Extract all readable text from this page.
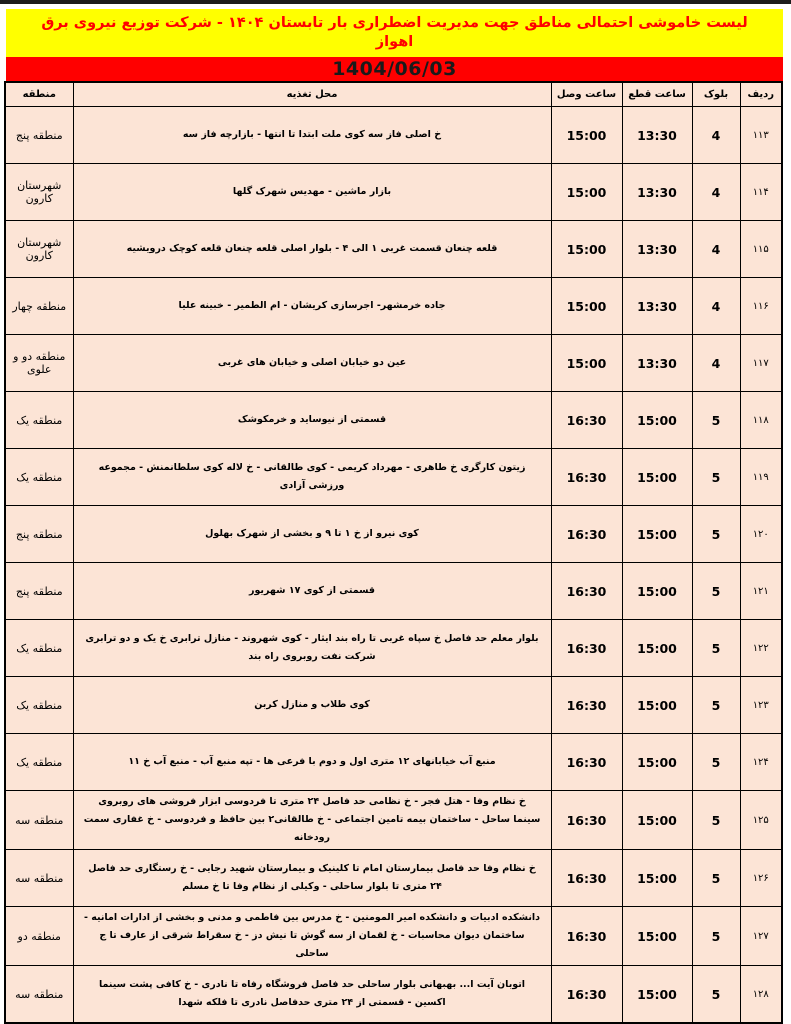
لیست خاموشی احتمالی مناطق جهت مدیریت اضطراری بار تابستان ۱۴۰۴ - شرکت توزیع نیروی برق اهواز
1404/06/03
ردیف	بلوک	ساعت قطع	ساعت وصل	محل تغذیه	منطقه
۱۱۳	4	13:30	15:00	خ اصلی فاز سه کوی ملت ابتدا تا انتها - بازارچه فاز سه	منطقه پنج
۱۱۴	4	13:30	15:00	بازار ماشین - مهدیس شهرک گلها	شهرستان کارون
۱۱۵	4	13:30	15:00	قلعه چنعان قسمت غربی ۱ الی ۴ - بلوار اصلی قلعه چنعان قلعه کوچک درویشیه	شهرستان کارون
۱۱۶	4	13:30	15:00	جاده خرمشهر- اجرسازی کریشان - ام الطمیر - خبینه علیا	منطقه چهار
۱۱۷	4	13:30	15:00	عین دو خیابان اصلی و خیابان های غربی	منطقه دو و علوی
۱۱۸	5	15:00	16:30	قسمتی از نیوساید و خرمکوشک	منطقه یک
۱۱۹	5	15:00	16:30	زیتون کارگری خ طاهری - مهرداد کریمی - کوی طالقانی - خ لاله کوی سلطانمنش - مجموعه ورزشی آزادی	منطقه یک
۱۲۰	5	15:00	16:30	کوی نیرو از خ ۱ تا ۹ و بخشی از شهرک بهلول	منطقه پنج
۱۲۱	5	15:00	16:30	قسمتی از کوی ۱۷ شهریور	منطقه پنج
۱۲۲	5	15:00	16:30	بلوار معلم حد فاصل خ سپاه غربی تا راه بند ایثار - کوی شهروند - منازل ترابری خ یک و دو ترابری شرکت نفت روبروی راه بند	منطقه یک
۱۲۳	5	15:00	16:30	کوی طلاب و منازل کربن	منطقه یک
۱۲۴	5	15:00	16:30	منبع آب خیابانهای ۱۲ متری اول و دوم با فرعی ها - تپه منبع آب - منبع آب خ ۱۱	منطقه یک
۱۲۵	5	15:00	16:30	خ نظام وفا - هتل فجر - خ نظامی حد فاصل ۲۴ متری تا فردوسی ابزار فروشی های روبروی سینما ساحل - ساختمان بیمه تامین اجتماعی - خ طالقانی۲ بین حافظ و فردوسی - خ غفاری سمت رودخانه	منطقه سه
۱۲۶	5	15:00	16:30	خ نظام وفا حد فاصل بیمارستان امام تا کلینیک و بیمارستان شهید رجایی - خ رستگاری حد فاصل ۲۴ متری تا بلوار ساحلی - وکیلی از نظام وفا تا خ مسلم	منطقه سه
۱۲۷	5	15:00	16:30	دانشکده ادبیات و دانشکده امیر المومنین - خ مدرس بین فاطمی و مدنی و بخشی از ادارات امانیه - ساختمان دیوان محاسبات - خ لقمان از سه گوش تا نیش دز - خ سقراط شرقی از عارف تا ج ساحلی	منطقه دو
۱۲۸	5	15:00	16:30	اتوبان آیت ا... بهبهانی بلوار ساحلی حد فاصل فروشگاه رفاه تا نادری - خ کافی پشت سینما اکسین - قسمتی از ۲۴ متری حدفاصل نادری تا فلکه شهدا	منطقه سه
